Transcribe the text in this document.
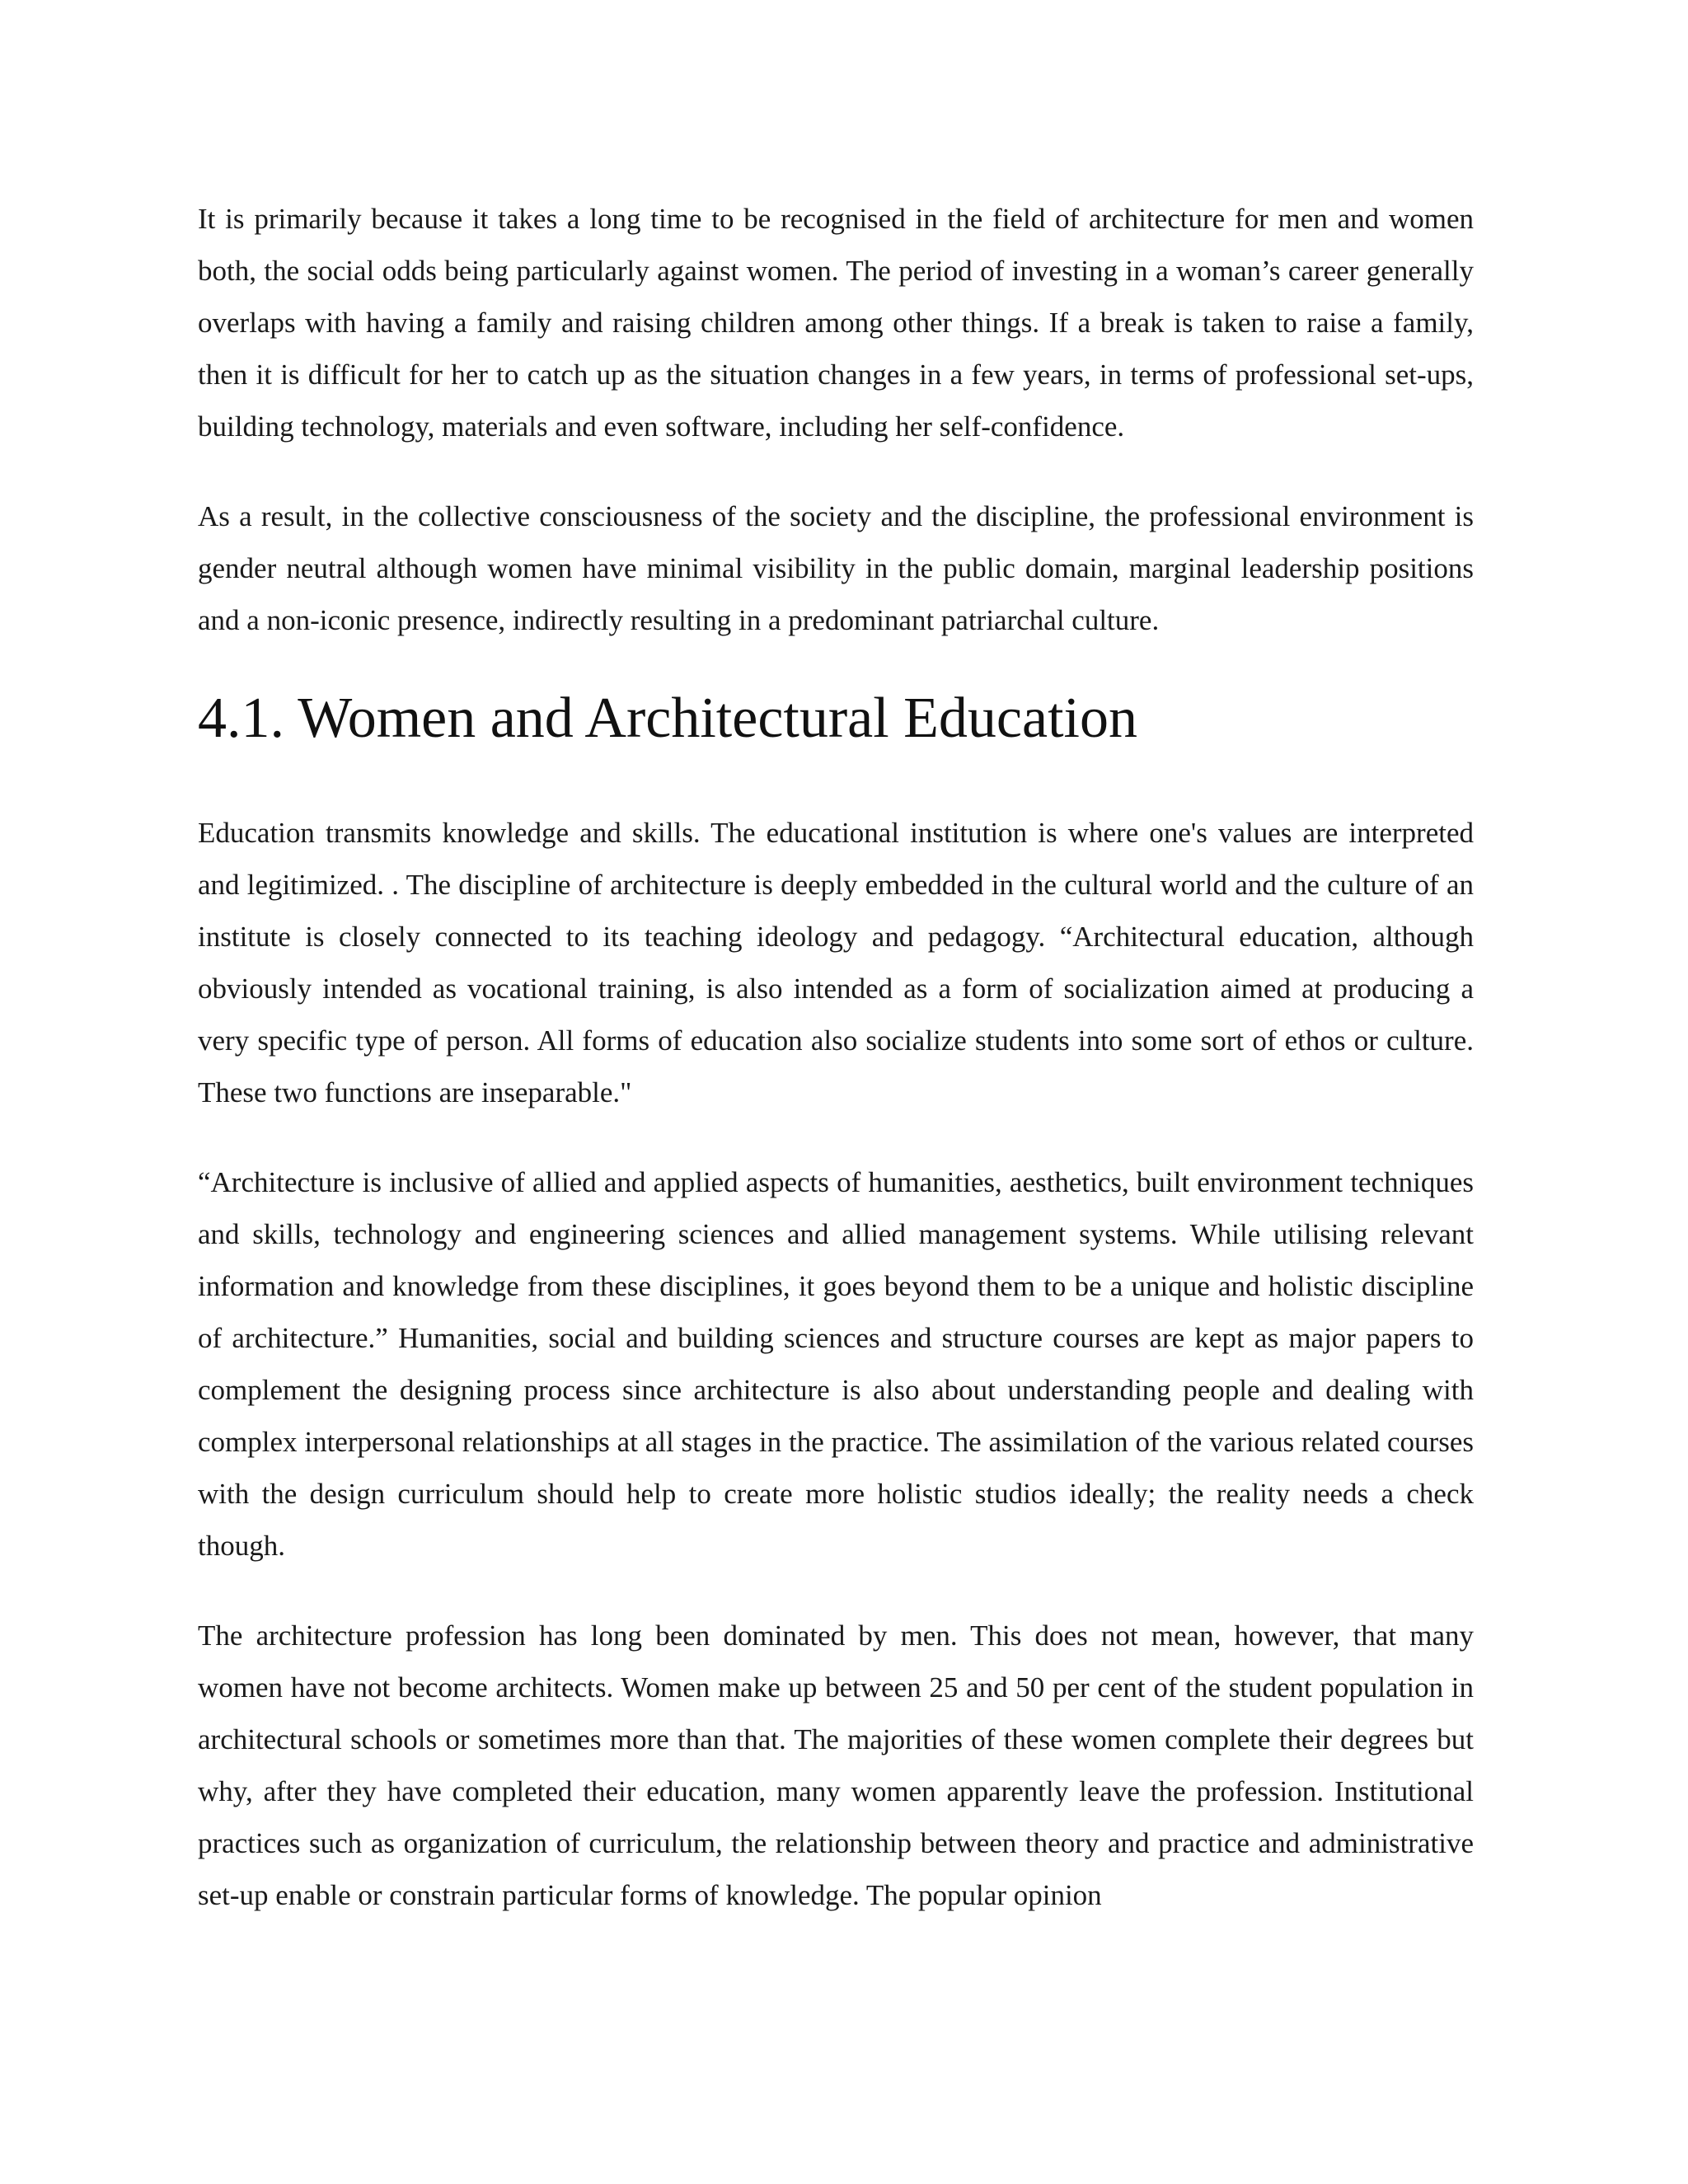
It is primarily because it takes a long time to be recognised in the field of architecture for men and women both, the social odds being particularly against women. The period of investing in a woman’s career generally overlaps with having a family and raising children among other things. If a break is taken to raise a family, then it is difficult for her to catch up as the situation changes in a few years, in terms of professional set-ups, building technology, materials and even software, including her self-confidence.

As a result, in the collective consciousness of the society and the discipline, the professional environment is gender neutral although women have minimal visibility in the public domain, marginal leadership positions and a non-iconic presence, indirectly resulting in a predominant patriarchal culture.

4.1. Women and Architectural Education

Education transmits knowledge and skills. The educational institution is where one's values are interpreted and legitimized. . The discipline of architecture is deeply embedded in the cultural world and the culture of an institute is closely connected to its teaching ideology and pedagogy. “Architectural education, although obviously intended as vocational training, is also intended as a form of socialization aimed at producing a very specific type of person. All forms of education also socialize students into some sort of ethos or culture. These two functions are inseparable."

“Architecture is inclusive of allied and applied aspects of humanities, aesthetics, built environment techniques and skills, technology and engineering sciences and allied management systems. While utilising relevant information and knowledge from these disciplines, it goes beyond them to be a unique and holistic discipline of architecture.” Humanities, social and building sciences and structure courses are kept as major papers to complement the designing process since architecture is also about understanding people and dealing with complex interpersonal relationships at all stages in the practice. The assimilation of the various related courses with the design curriculum should help to create more holistic studios ideally; the reality needs a check though.

The architecture profession has long been dominated by men. This does not mean, however, that many women have not become architects. Women make up between 25 and 50 per cent of the student population in architectural schools or sometimes more than that. The majorities of these women complete their degrees but why, after they have completed their education, many women apparently leave the profession. Institutional practices such as organization of curriculum, the relationship between theory and practice and administrative set-up enable or constrain particular forms of knowledge. The popular opinion
